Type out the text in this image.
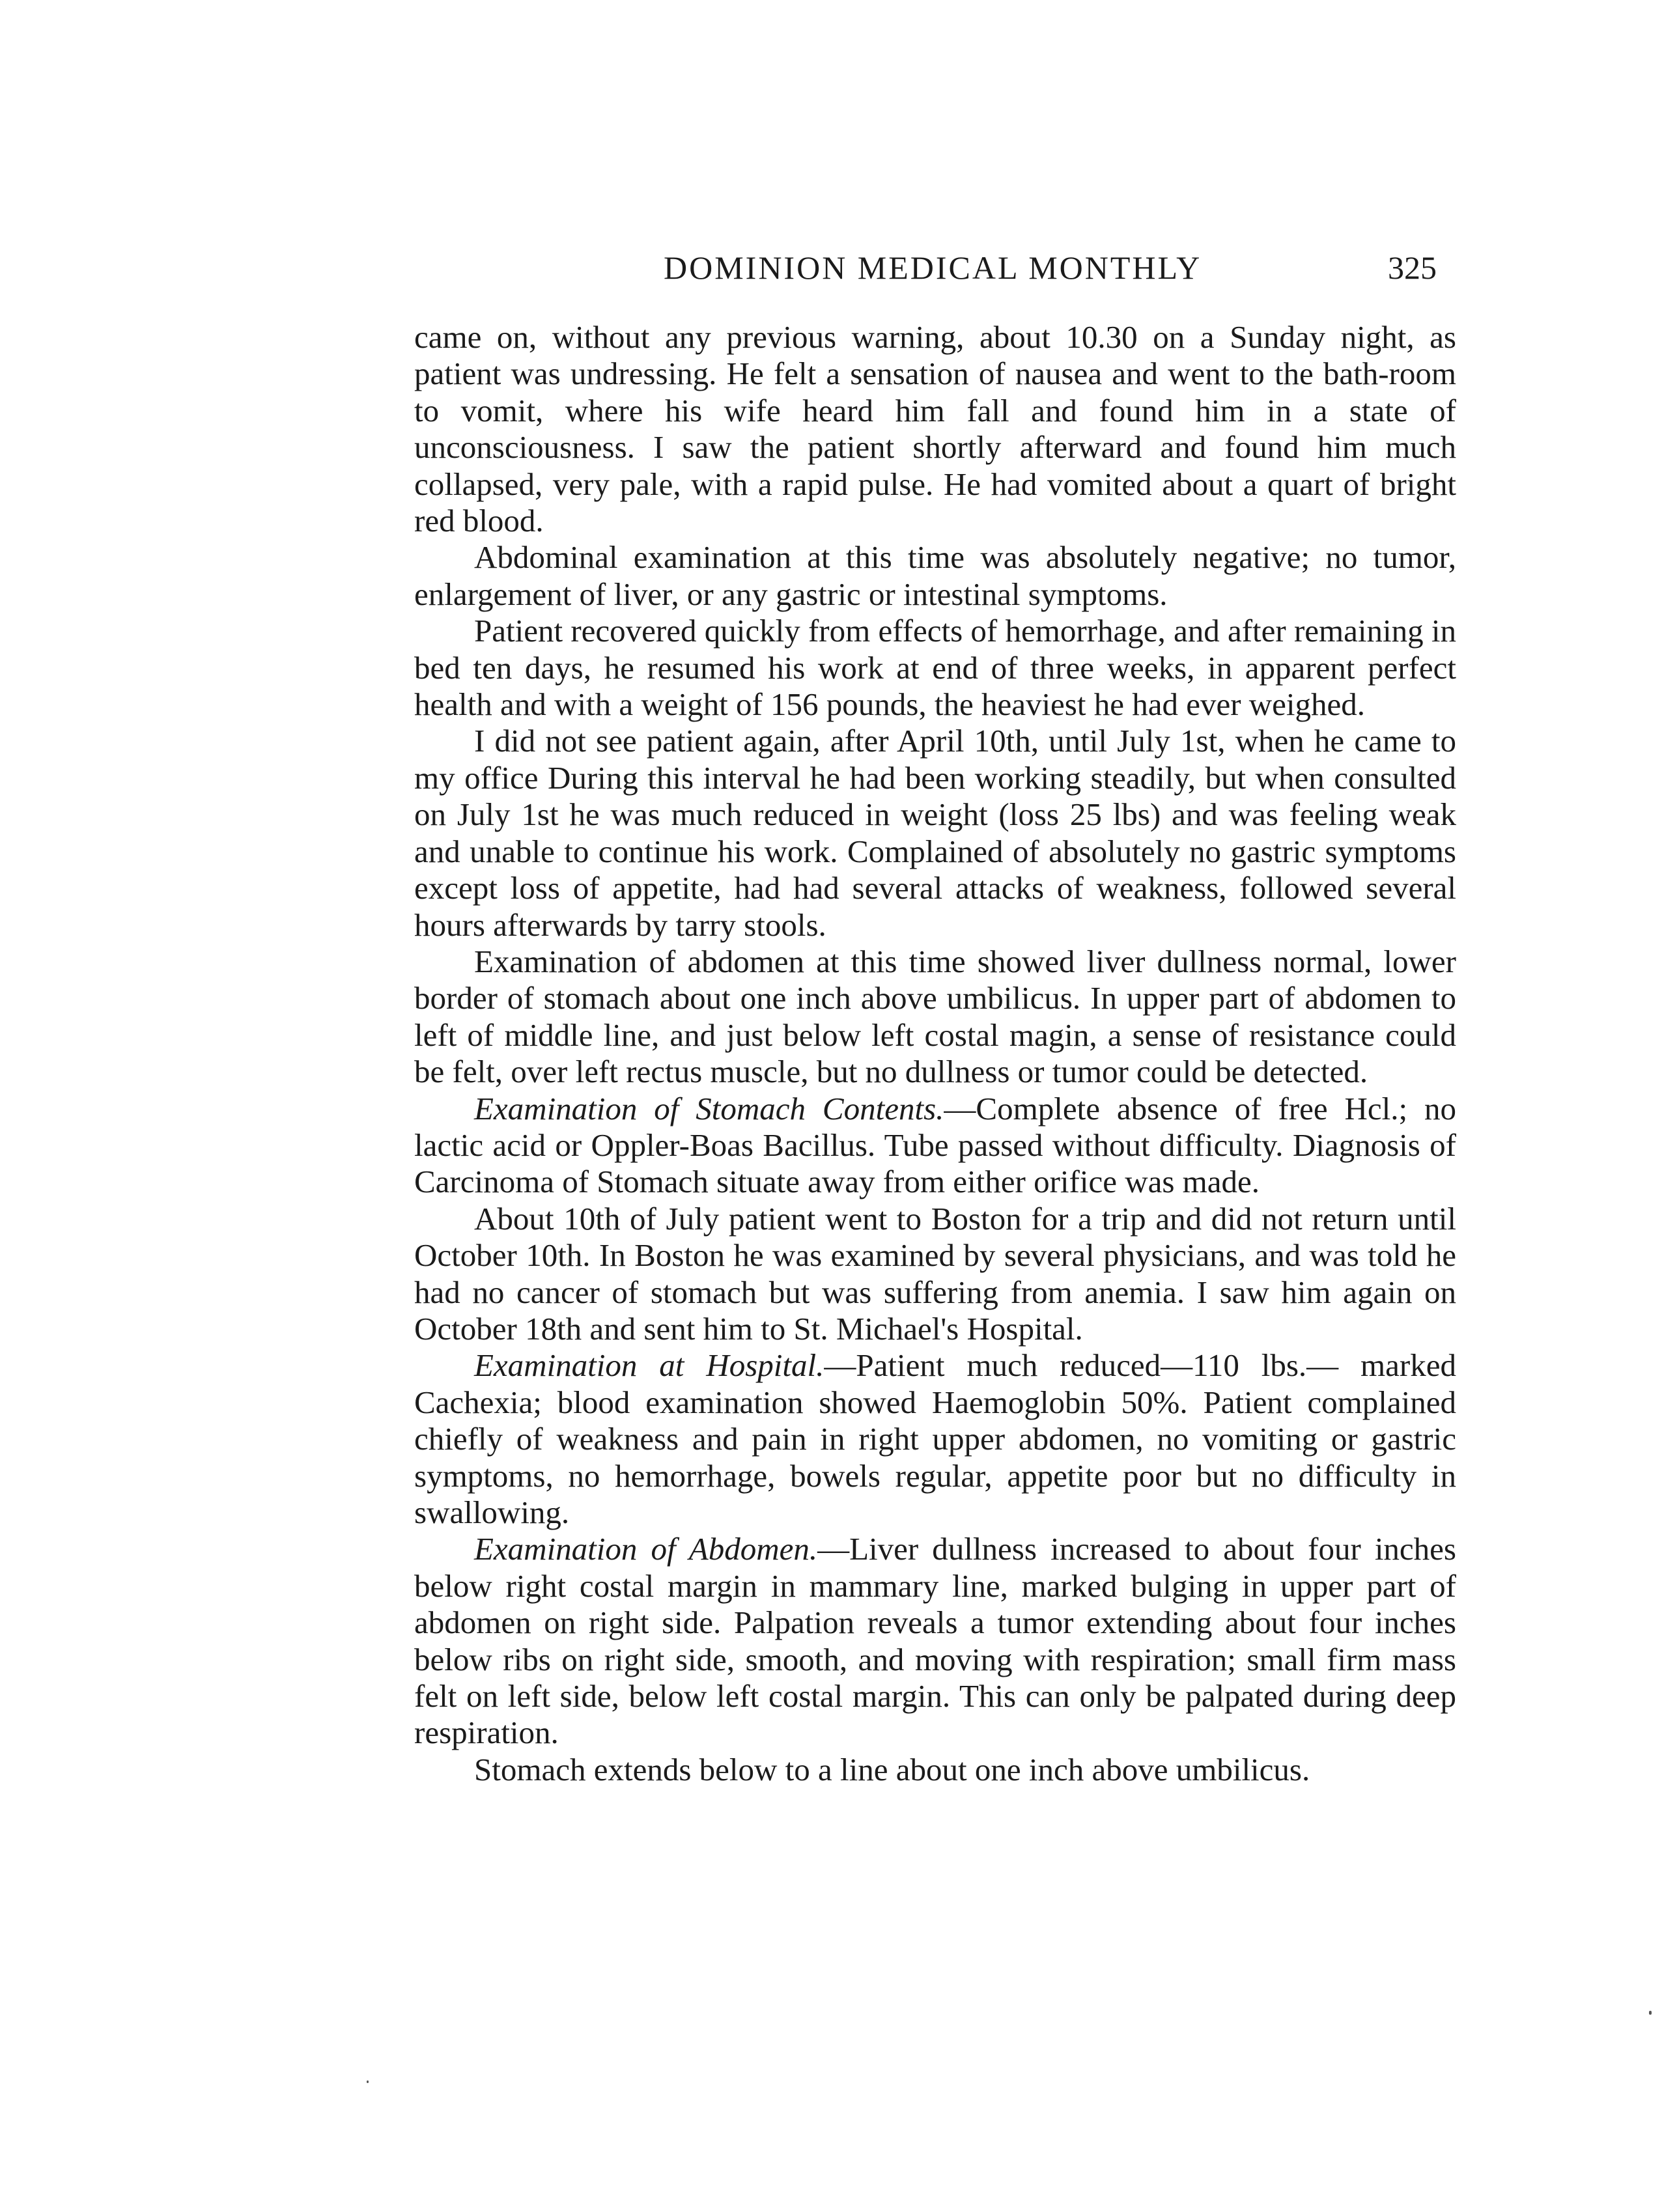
DOMINION MEDICAL MONTHLY	325

came on, without any previous warning, about 10.30 on a Sunday night, as patient was undressing. He felt a sensation of nausea and went to the bath-room to vomit, where his wife heard him fall and found him in a state of unconsciousness. I saw the patient shortly afterward and found him much collapsed, very pale, with a rapid pulse. He had vomited about a quart of bright red blood.

Abdominal examination at this time was absolutely negative; no tumor, enlargement of liver, or any gastric or intestinal symptoms.

Patient recovered quickly from effects of hemorrhage, and after remaining in bed ten days, he resumed his work at end of three weeks, in apparent perfect health and with a weight of 156 pounds, the heaviest he had ever weighed.

I did not see patient again, after April 10th, until July 1st, when he came to my office During this interval he had been working steadily, but when consulted on July 1st he was much reduced in weight (loss 25 lbs) and was feeling weak and unable to continue his work. Complained of absolutely no gastric symptoms except loss of appetite, had had several attacks of weakness, followed several hours afterwards by tarry stools.

Examination of abdomen at this time showed liver dullness normal, lower border of stomach about one inch above umbilicus. In upper part of abdomen to left of middle line, and just below left costal magin, a sense of resistance could be felt, over left rectus muscle, but no dullness or tumor could be detected.

Examination of Stomach Contents.—Complete absence of free Hcl.; no lactic acid or Oppler-Boas Bacillus. Tube passed without difficulty. Diagnosis of Carcinoma of Stomach situate away from either orifice was made.

About 10th of July patient went to Boston for a trip and did not return until October 10th. In Boston he was examined by several physicians, and was told he had no cancer of stomach but was suffering from anemia. I saw him again on October 18th and sent him to St. Michael's Hospital.

Examination at Hospital.—Patient much reduced—110 lbs.— marked Cachexia; blood examination showed Haemoglobin 50%. Patient complained chiefly of weakness and pain in right upper abdomen, no vomiting or gastric symptoms, no hemorrhage, bowels regular, appetite poor but no difficulty in swallowing.

Examination of Abdomen.—Liver dullness increased to about four inches below right costal margin in mammary line, marked bulging in upper part of abdomen on right side. Palpation reveals a tumor extending about four inches below ribs on right side, smooth, and moving with respiration; small firm mass felt on left side, below left costal margin. This can only be palpated during deep respiration.

Stomach extends below to a line about one inch above umbilicus.
